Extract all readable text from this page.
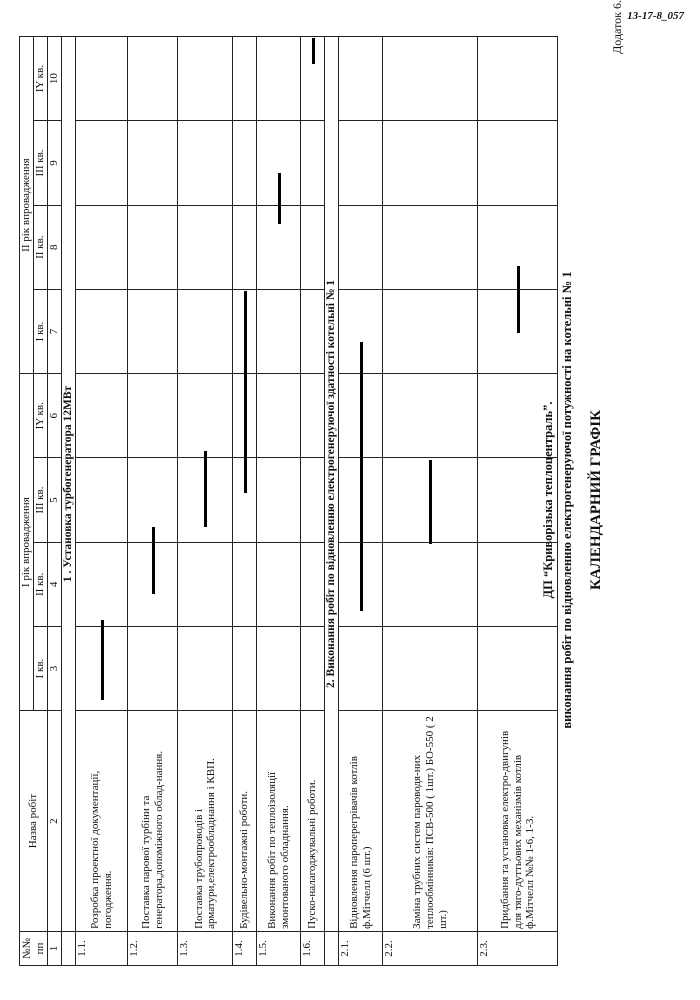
13-17-8_057
Додаток 6.
КАЛЕНДАРНИЙ ГРАФІК
виконання робіт по відновленню електрогенеруючої потужності на котельні № 1
ДП “Криворізька теплоцентраль”.
№№ пп	Назва робіт	І рік впровадження				ІІ рік впровадження			
		І кв.	ІІ кв.	ІІІ кв.	ІY кв.	І кв.	ІІ кв.	ІІІ кв.	ІY кв.
1	2	3	4	5	6	7	8	9	10
	1 . Установка турбогенератора 12МВт								
1.1.	Розробка проектної документації, погодження.	

1.2.	Поставка парової турбіни та генератора,допоміжного облад-нання.		

1.3.	Поставка трубопроводів і арматури,електрообладнання і КВП.			

1.4.	Будівельно-монтажні роботи.			

1.5.	Виконання робіт по теплоізоляції змонтованого обладнання.						

1.6.	Пуско-налагоджувальні роботи.								

	2. Виконання робіт по відновленню електрогенеруючої здатності котельні № 1								
2.1.	Відновлення пароперегрівачів котлів ф.Мітчелл (6 шт.)		

2.2.	Заміна трубних систем пароводя-них теплообмінників: ПСВ-500 ( 1шт.) БО-550 ( 2 шт.)			

2.3.	Придбання та установка електро-двигунів для тяго-дуттьових механізмів котлів ф.Мітчелл №№ 1-6, 1-3.					
